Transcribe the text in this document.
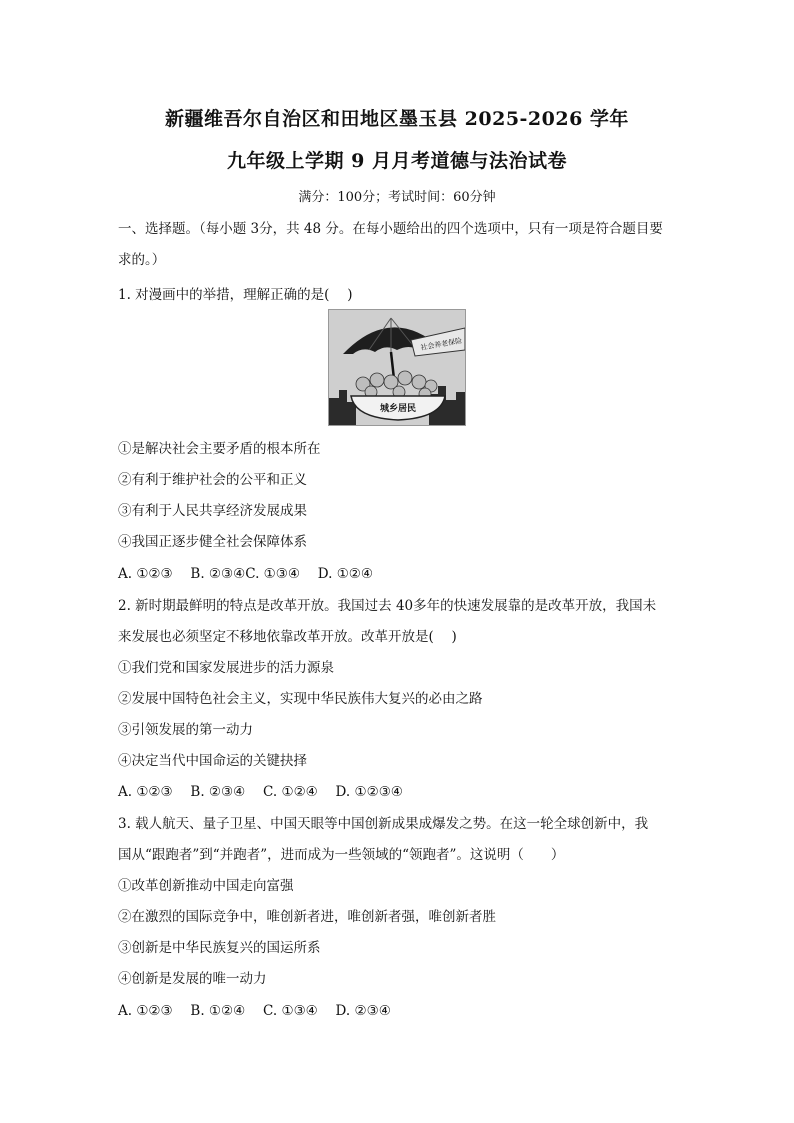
新疆维吾尔自治区和田地区墨玉县 2025-2026 学年
九年级上学期 9 月月考道德与法治试卷
满分：100分；考试时间：60分钟
一、选择题。（每小题 3分，共 48 分。在每小题给出的四个选项中，只有一项是符合题目要
求的。）
1. 对漫画中的举措，理解正确的是(　 )
社会养老保险
城乡居民
①是解决社会主要矛盾的根本所在
②有利于维护社会的公平和正义
③有利于人民共享经济发展成果
④我国正逐步健全社会保障体系
A. ①②③　 B. ②③④C. ①③④　 D. ①②④
2. 新时期最鲜明的特点是改革开放。我国过去 40多年的快速发展靠的是改革开放，我国未
来发展也必须坚定不移地依靠改革开放。改革开放是(　 )
①我们党和国家发展进步的活力源泉
②发展中国特色社会主义，实现中华民族伟大复兴的必由之路
③引领发展的第一动力
④决定当代中国命运的关键抉择
A. ①②③　 B. ②③④　 C. ①②④　 D. ①②③④
3. 载人航天、量子卫星、中国天眼等中国创新成果成爆发之势。在这一轮全球创新中，我
国从“跟跑者”到“并跑者”，进而成为一些领域的“领跑者”。这说明（　　）
①改革创新推动中国走向富强
②在激烈的国际竞争中，唯创新者进，唯创新者强，唯创新者胜
③创新是中华民族复兴的国运所系
④创新是发展的唯一动力
A. ①②③　 B. ①②④　 C. ①③④　 D. ②③④
